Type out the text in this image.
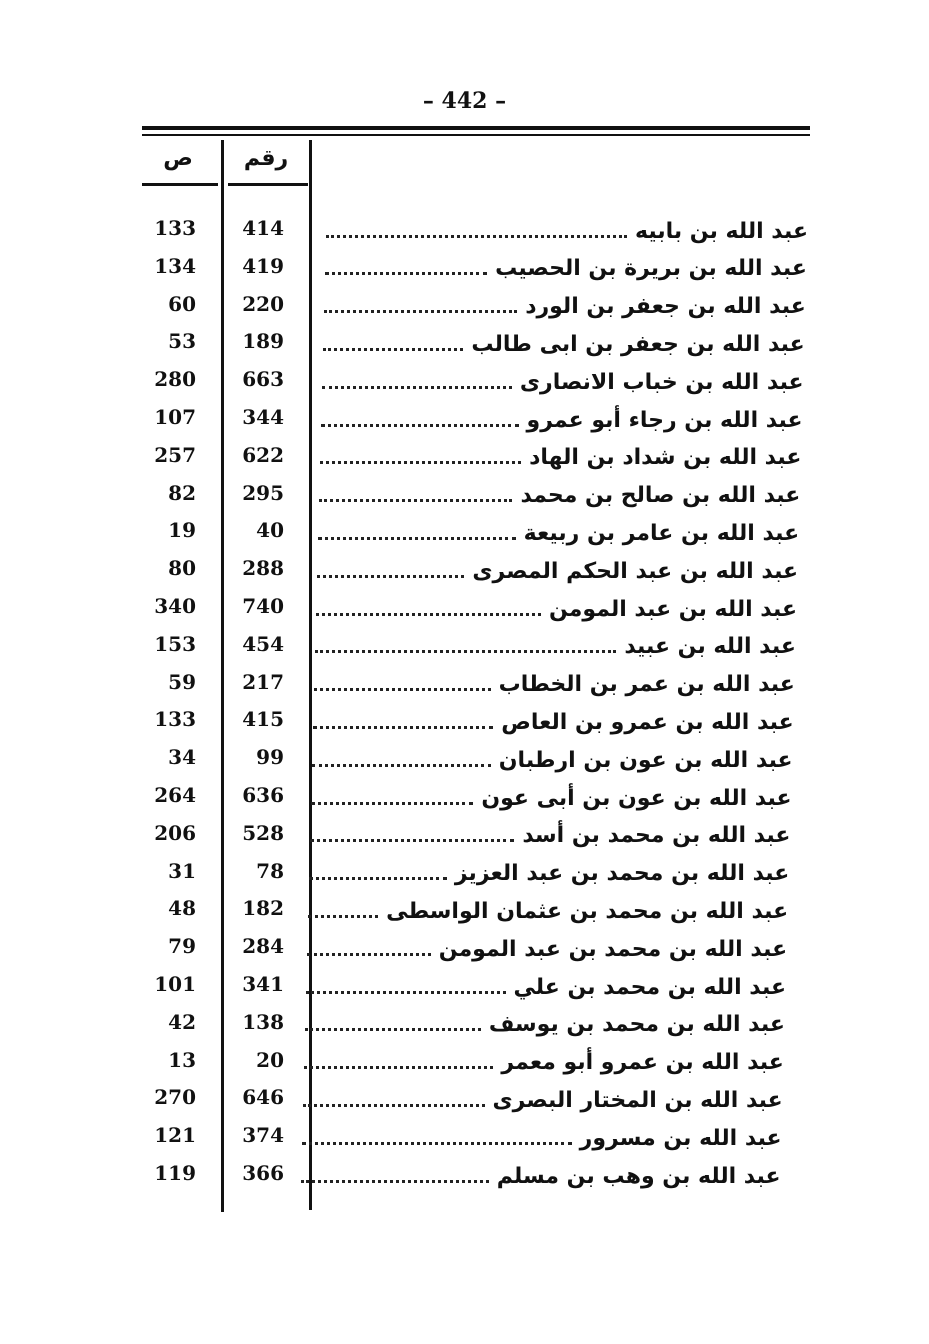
– 442 –
ص	رقم
133	414	عبد الله بن بابيه
134	419	عبد الله بن بريرة بن الحصيب
60	220	عبد الله بن جعفر بن الورد
53	189	عبد الله بن جعفر بن ابى طالب
280	663	عبد الله بن خباب الانصارى
107	344	عبد الله بن رجاء أبو عمرو
257	622	عبد الله بن شداد بن الهاد
82	295	عبد الله بن صالح بن محمد
19	40	عبد الله بن عامر بن ربيعة
80	288	عبد الله بن عبد الحكم المصرى
340	740	عبد الله بن عبد المومن
153	454	عبد الله بن عبيد
59	217	عبد الله بن عمر بن الخطاب
133	415	عبد الله بن عمرو بن العاص
34	99	عبد الله بن عون بن ارطبان
264	636	عبد الله بن عون بن أبى عون
206	528	عبد الله بن محمد بن أسد
31	78	عبد الله بن محمد بن عبد العزيز
48	182	عبد الله بن محمد بن عثمان الواسطى
79	284	عبد الله بن محمد بن عبد المومن
101	341	عبد الله بن محمد بن علي
42	138	عبد الله بن محمد بن يوسف
13	20	عبد الله بن عمرو أبو معمر
270	646	عبد الله بن المختار البصرى
121	374	عبد الله بن مسرور
119	366	عبد الله بن وهب بن مسلم
